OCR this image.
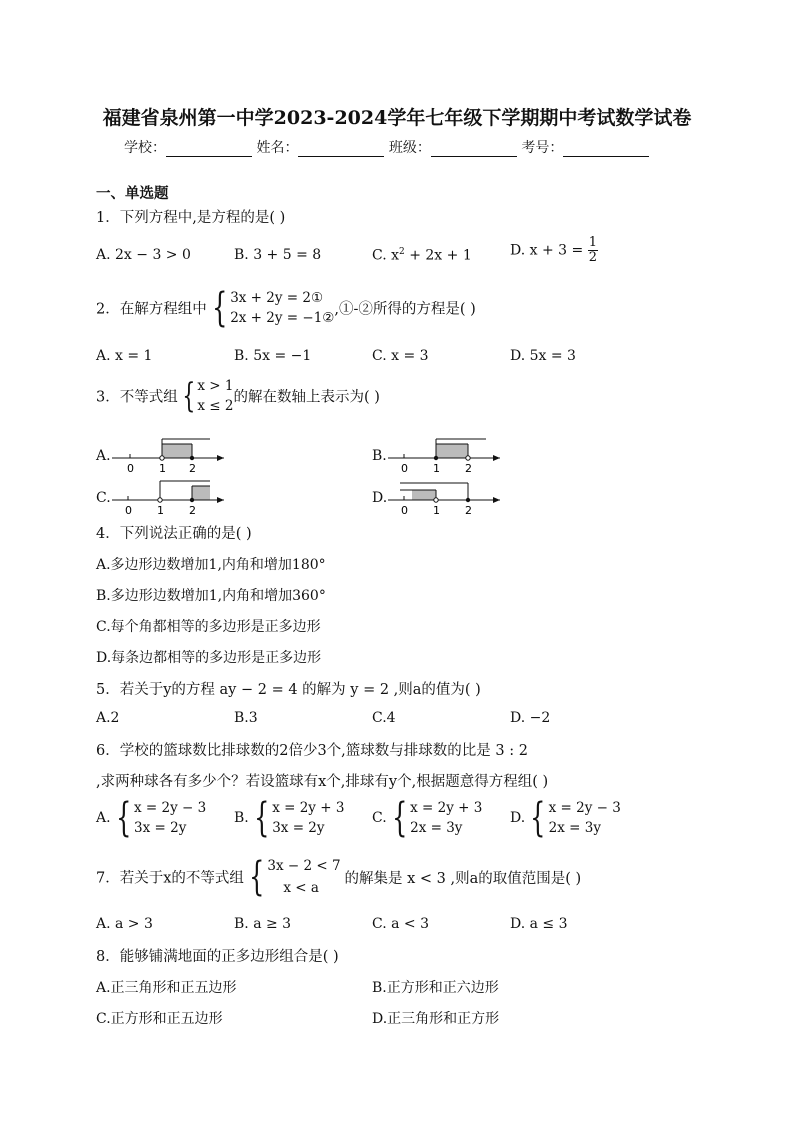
福建省泉州第一中学2023-2024学年七年级下学期期中考试数学试卷
学校：	姓名：	班级：	考号：
一、单选题
1．下列方程中,是方程的是( )
A. 2x − 3 > 0	B. 3 + 5 = 8	C. $x^2 + 2x + 1$	D. $x + 3 = \frac{1}{2}$
2．在解方程组中 { 3x + 2y = 2①
2x + 2y = −1②
,①-②所得的方程是( )
A. x = 1	B. 5x = −1	C. x = 3	D. 5x = 3
3．不等式组 { x > 1
x ≤ 2
的解在数轴上表示为( )
A.
0 1 2
B.
0 1 2
C.
0 1 2
D.
0 1 2
4．下列说法正确的是( )
A.多边形边数增加1,内角和增加180°
B.多边形边数增加1,内角和增加360°
C.每个角都相等的多边形是正多边形
D.每条边都相等的多边形是正多边形
5．若关于y的方程 ay − 2 = 4 的解为 y = 2 ,则a的值为( )
A.2	B.3	C.4	D. −2
6．学校的篮球数比排球数的2倍少3个,篮球数与排球数的比是 3 : 2
,求两种球各有多少个？若设篮球有x个,排球有y个,根据题意得方程组( )
A. { x = 2y − 3
3x = 2y
B. { x = 2y + 3
3x = 2y
C. { x = 2y + 3
2x = 3y
D. { x = 2y − 3
2x = 3y
7．若关于x的不等式组 { 3x − 2 < 7
x < a
的解集是 x < 3 ,则a的取值范围是( )
A. a > 3	B. a ≥ 3	C. a < 3	D. a ≤ 3
8．能够铺满地面的正多边形组合是( )
A.正三角形和正五边形	B.正方形和正六边形
C.正方形和正五边形	D.正三角形和正方形
